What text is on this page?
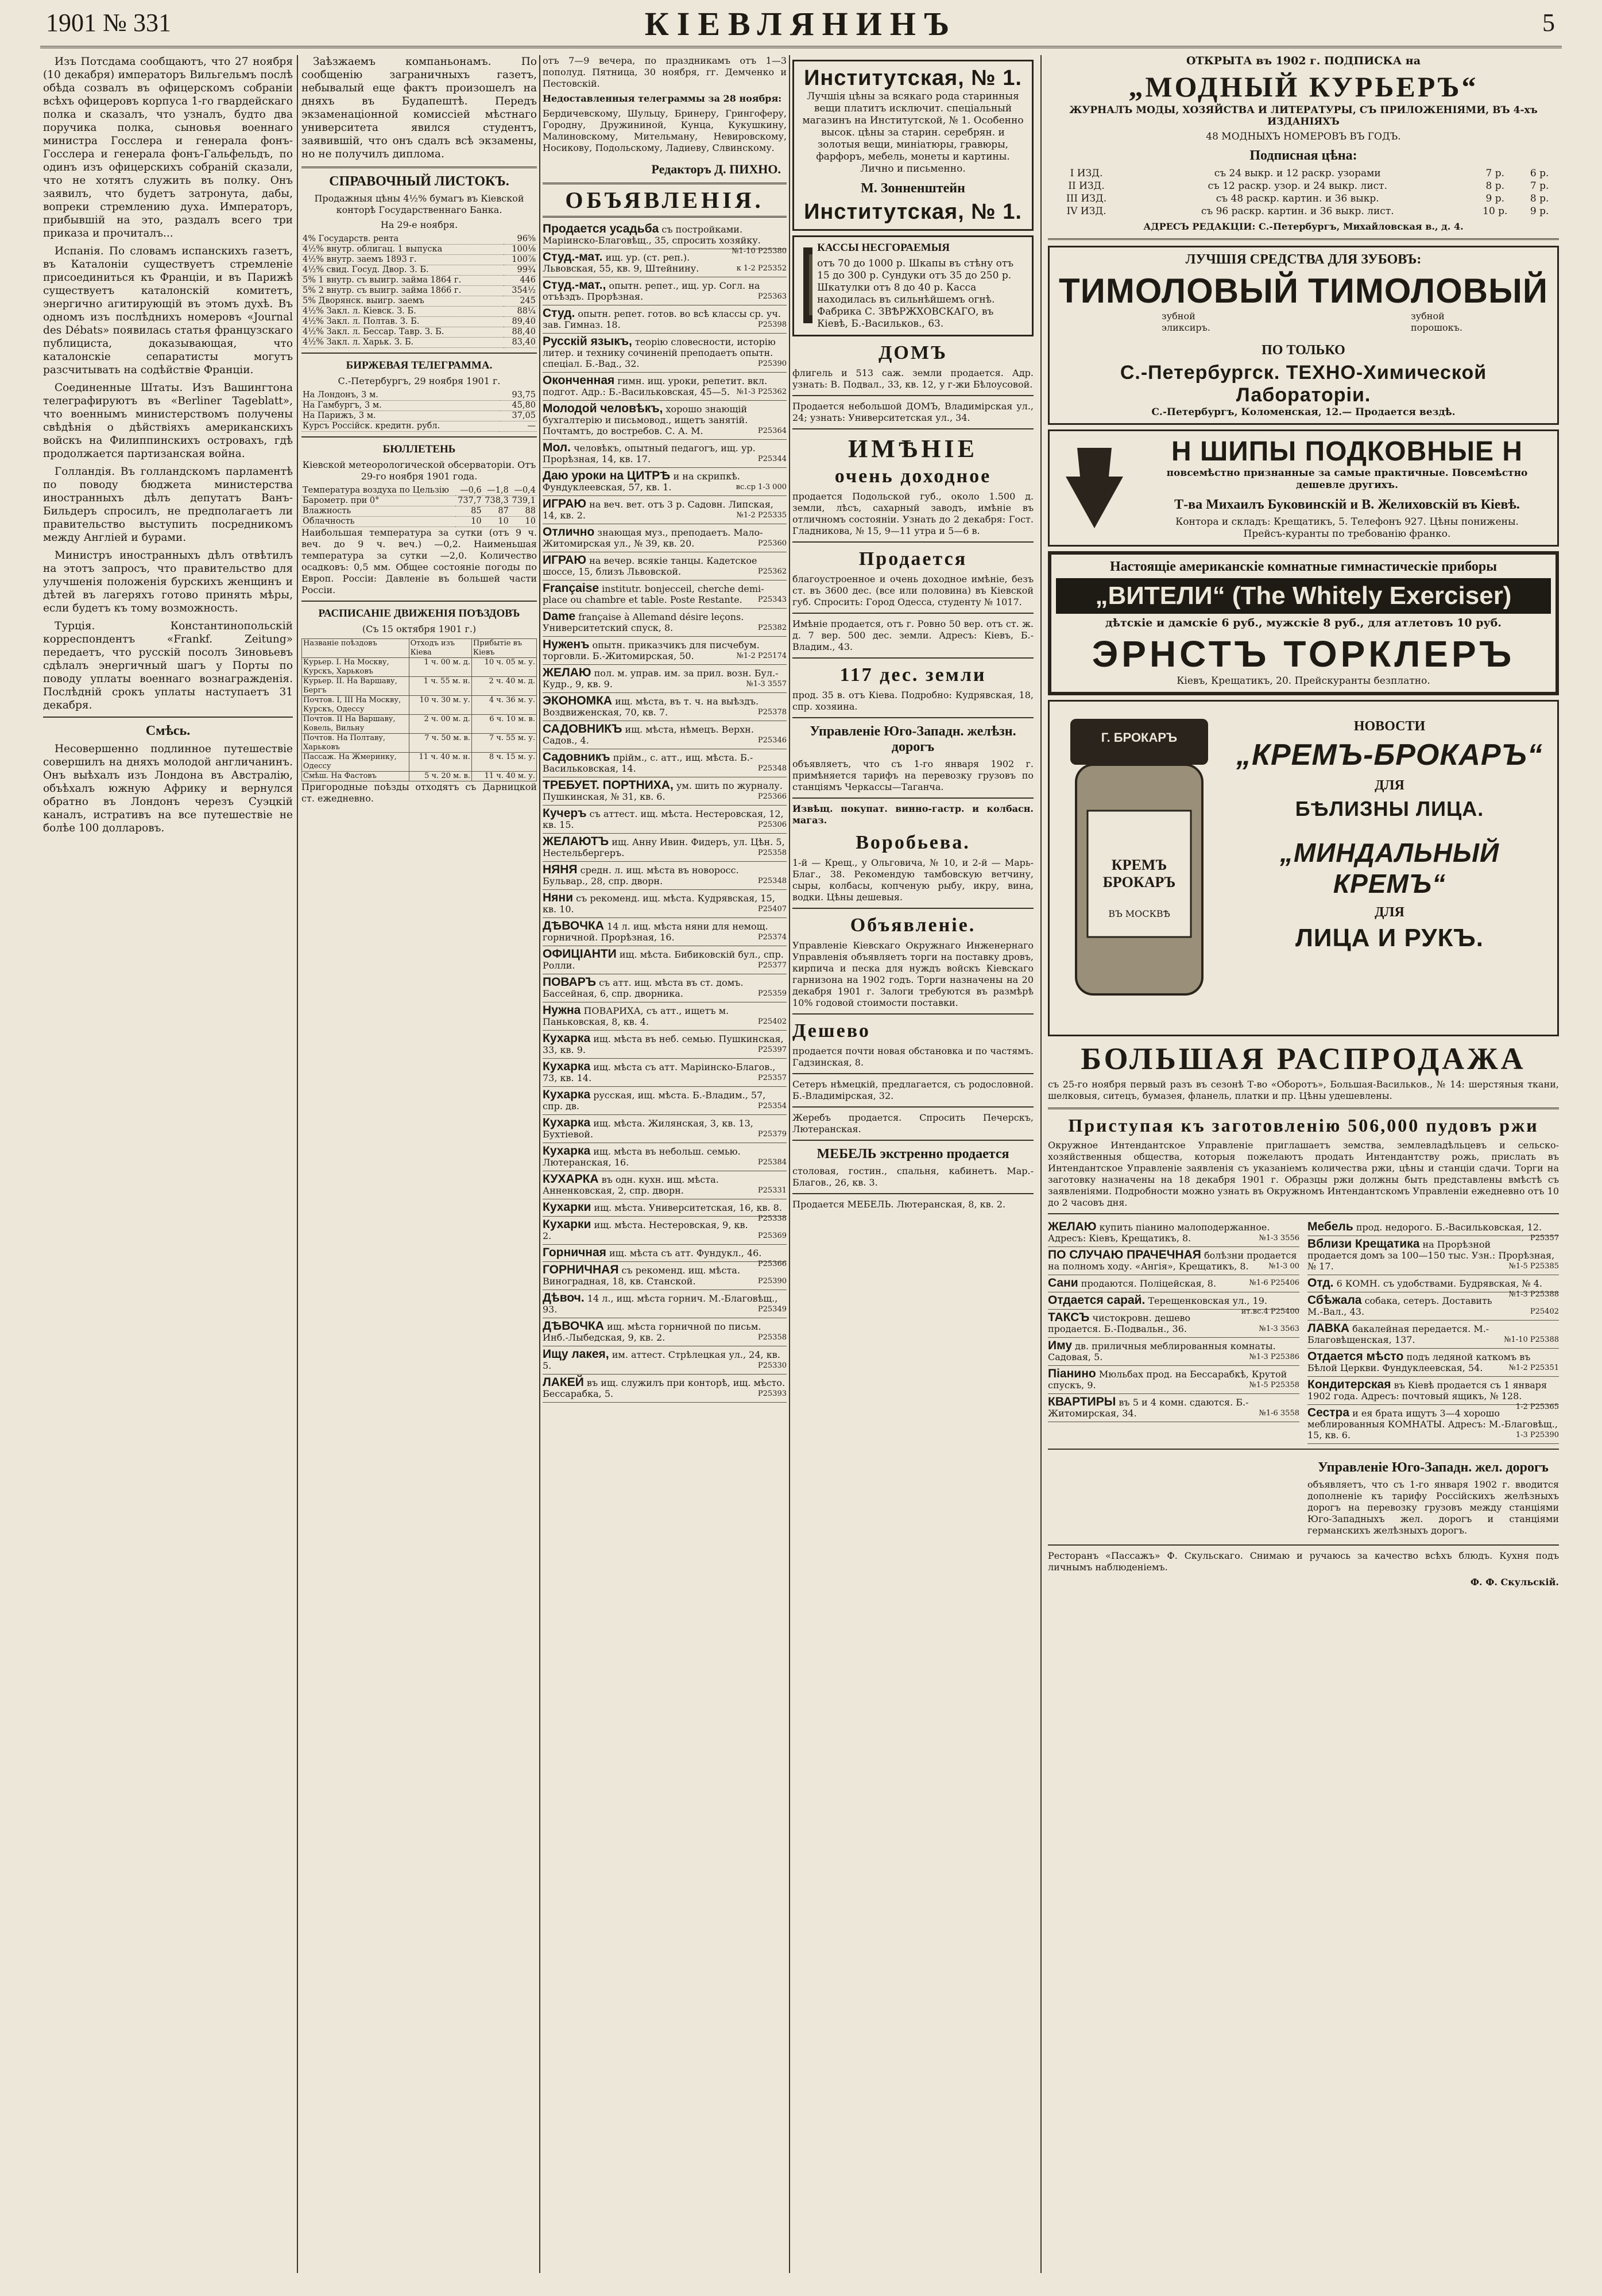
1901 № 331	КІЕВЛЯНИНЪ	5

Изъ Потсдама сообщаютъ, что 27 ноября (10 декабря) императоръ Вильгельмъ послѣ обѣда созвалъ въ офицерскомъ собраніи всѣхъ офицеровъ корпуса 1-го гвардейскаго полка и сказалъ, что узналъ, будто два поручика полка, сыновья военнаго министра Госслера и генерала фонъ-Госслера и генерала фонъ-Гальфельдъ, по одинъ изъ офицерскихъ собраній сказали, что не хотятъ служить въ полку. Онъ заявилъ, что будетъ затронута, дабы, вопреки стремлению духа. Императоръ, прибывшій на это, раздалъ всего три приказа и прочиталъ...

Испанія. По словамъ испанскихъ газетъ, въ Каталоніи существуетъ стремленіе присоединиться къ Франціи, и въ Парижѣ существуетъ каталонскій комитетъ, энергично агитирующій въ этомъ духѣ. Въ одномъ изъ послѣднихъ номеровъ «Journal des Débats» появилась статья французскаго публициста, доказывающая, что каталонскіе сепаратисты могутъ разсчитывать на содѣйствіе Франціи.

Соединенные Штаты. Изъ Вашингтона телеграфируютъ въ «Berliner Tageblatt», что военнымъ министерствомъ получены свѣдѣнія о дѣйствіяхъ американскихъ войскъ на Филиппинскихъ островахъ, гдѣ продолжается партизанская война.

Голландія. Въ голландскомъ парламентѣ по поводу бюджета министерства иностранныхъ дѣлъ депутатъ Ванъ-Бильдеръ спросилъ, не предполагаетъ ли правительство выступить посредникомъ между Англіей и бурами.

Министръ иностранныхъ дѣлъ отвѣтилъ на этотъ запросъ, что правительство для улучшенія положенія бурскихъ женщинъ и дѣтей въ лагеряхъ готово принять мѣры, если будетъ къ тому возможность.

Турція. Константинопольскій корреспондентъ «Frankf. Zeitung» передаетъ, что русскій посолъ Зиновьевъ сдѣлалъ энергичный шагъ у Порты по поводу уплаты военнаго вознагражденія. Послѣдній срокъ уплаты наступаетъ 31 декабря.

Смѣсь.

Несовершенно подлинное путешествіе совершилъ на дняхъ молодой англичанинъ. Онъ выѣхалъ изъ Лондона въ Австралію, объѣхалъ южную Африку и вернулся обратно въ Лондонъ черезъ Суэцкій каналъ, истративъ на все путешествіе не болѣе 100 долларовъ.

Заѣзжаемъ компаньонамъ. По сообщенію заграничныхъ газетъ, небывалый еще фактъ произошелъ на дняхъ въ Будапештѣ. Передъ экзаменаціонной комиссіей мѣстнаго университета явился студентъ, заявившій, что онъ сдалъ всѣ экзамены, но не получилъ диплома.

СПРАВОЧНЫЙ ЛИСТОКЪ.
Продажныя цѣны 4½% бумагъ въ Кіевской конторѣ Государственнаго Банка.
На 29-е ноября.
4% Государств. рента	96⅝
4½% внутр. облигац. 1 выпуска	100⅛
4½% внутр. заемъ 1893 г.	100⅞
4½% свид. Госуд. Двор. З. Б.	99¾
5% 1 внутр. съ выигр. займа 1864 г.	446
5% 2 внутр. съ выигр. займа 1866 г.	354½
5% Дворянск. выигр. заемъ	245
4½% Закл. л. Кіевск. З. Б.	88¼
4½% Закл. л. Полтав. З. Б.	89,40
4½% Закл. л. Бессар. Тавр. З. Б.	88,40
4½% Закл. л. Харьк. З. Б.	83,40
БИРЖЕВАЯ ТЕЛЕГРАММА.
С.-Петербургъ, 29 ноября 1901 г.
На Лондонъ, 3 м.	93,75
На Гамбургъ, 3 м.	45,80
На Парижъ, 3 м.	37,05
Курсъ Россійск. кредитн. рубл.	—
БЮЛЛЕТЕНЬ
Кіевской метеорологической обсерваторіи. Отъ 29-го ноября 1901 года.
Температура воздуха по Цельзію	—0,6	—1,8	—0,4
Барометр. при 0°	737,7	738,3	739,1
Влажность	85	87	88
Облачность	10	10	10

Наибольшая температура за сутки (отъ 9 ч. веч. до 9 ч. веч.) —0,2. Наименьшая температура за сутки —2,0. Количество осадковъ: 0,5 мм. Общее состояніе погоды по Европ. Россіи: Давленіе въ большей части Россіи.

РАСПИСАНІЕ ДВИЖЕНІЯ ПОѢЗДОВЪ
(Съ 15 октября 1901 г.)
Названіе поѣздовъ	Отходъ изъ Кіева	Прибытіе въ Кіевъ
Курьер. I. На Москву, Курскъ, Харьковъ	1 ч. 00 м. д.	10 ч. 05 м. у.
Курьер. II. На Варшаву, Бергъ	1 ч. 55 м. н.	2 ч. 40 м. д.
Почтов. I, III На Москву, Курскъ, Одессу	10 ч. 30 м. у.	4 ч. 36 м. у.
Почтов. II На Варшаву, Ковель, Вильну	2 ч. 00 м. д.	6 ч. 10 м. в.
Почтов. На Полтаву, Харьковъ	7 ч. 50 м. в.	7 ч. 55 м. у.
Пассаж. На Жмеринку, Одессу	11 ч. 40 м. н.	8 ч. 15 м. у.
Смѣш. На Фастовъ	5 ч. 20 м. в.	11 ч. 40 м. у.

Пригородные поѣзды отходятъ съ Дарницкой ст. ежедневно.

отъ 7—9 вечера, по праздникамъ отъ 1—3 пополуд. Пятница, 30 ноября, гг. Демченко и Пестовскій.

Недоставленныя телеграммы за 28 ноября:

Бердичевскому, Шульцу, Бринеру, Грингоферу, Городну, Дружининой, Кунца, Кукушкину, Малиновскому, Мительману, Невировскому, Носикову, Подольскому, Ладиеву, Слвинскому.

Редакторъ Д. ПИХНО.
ОБЪЯВЛЕНІЯ.
Продается усадьба съ постройками. Маріинско-Благовѣщ., 35, спросить хозяйку.
№1-10 Р25380
Студ.-мат. ищ. ур. (ст. реп.). Львовская, 55, кв. 9, Штейнину.	к 1-2 Р25352
Студ.-мат., опытн. репет., ищ. ур. Согл. на отъѣздъ. Прорѣзная.	Р25363
Студ. опытн. репет. готов. во всѣ классы ср. уч. зав. Гимназ. 18.	Р25398
Русскій языкъ, теорію словесности, исторію литер. и технику сочиненій преподаетъ опытн. спеціал. Б.-Вад., 32.	Р25390
Оконченная гимн. ищ. уроки, репетит. вкл. подгот. Адр.: Б.-Васильковская, 45—5. №1-3 Р25362
Молодой человѣкъ, хорошо знающій бухгалтерію и письмовод., ищетъ занятій. Почтамтъ, до востребов. С. А. М.	Р25364
Мол. человѣкъ, опытный педагогъ, ищ. ур. Прорѣзная, 14, кв. 17.	Р25344
Даю уроки на ЦИТРѢ и на скрипкѣ. Фундуклеевская, 57, кв. 1.	вс.ср 1-3 000
ИГРАЮ на веч. вет. отъ 3 р. Садовн. Липская, 14, кв. 2.	№1-2 Р25335
Отлично знающая муз., преподаетъ. Мало-Житомирская ул., № 39, кв. 20.	Р25360
ИГРАЮ на вечер. всякіе танцы. Кадетское шоссе, 15, близъ Львовской.	Р25362
Française institutr. bonjecceil, cherche demi-place ou chambre et table. Poste Restante. Р25343
Dame française à Allemand désire leçons. Университетский спуск, 8.	Р25382
Нуженъ опытн. приказчикъ для писчебум. торговли. Б.-Житомирская, 50.	№1-2 Р25174
ЖЕЛАЮ пол. м. управ. им. за прил. возн. Бул.-Кудр., 9, кв. 9.	№1-3 3557
ЭКОНОМКА ищ. мѣста, въ т. ч. на выѣздъ. Воздвиженская, 70, кв. 7.	Р25378
САДОВНИКЪ ищ. мѣста, нѣмецъ. Верхн. Садов., 4.	Р25346
Садовникъ прійм., с. атт., ищ. мѣста. Б.-Васильковская, 14.	Р25348
ТРЕБУЕТ. ПОРТНИХА, ум. шить по журналу. Пушкинская, № 31, кв. 6.	Р25366
Кучеръ съ аттест. ищ. мѣста. Нестеровская, 12, кв. 15.	Р25306
ЖЕЛАЮТЪ ищ. Анну Ивин. Фидеръ, ул. Цѣн. 5, Нестельбергеръ.	Р25358
НЯНЯ средн. л. ищ. мѣста въ новоросс. Бульвар., 28, спр. дворн.	Р25348
Няни съ рекоменд. ищ. мѣста. Кудрявская, 15, кв. 10.	Р25407
ДѢВОЧКА 14 л. ищ. мѣста няни для немощ. горничной. Прорѣзная, 16.	Р25374
ОФИЦІАНТИ ищ. мѣста. Бибиковскій бул., спр. Ролли.	Р25377
ПОВАРЪ съ атт. ищ. мѣста въ ст. домъ. Бассейная, 6, спр. дворника.	Р25359
Нужна ПОВАРИХА, съ атт., ищетъ м. Паньковская, 8, кв. 4.	Р25402
Кухарка ищ. мѣста въ неб. семью. Пушкинская, 33, кв. 9.	Р25397
Кухарка ищ. мѣста съ атт. Маріинско-Благов., 73, кв. 14.	Р25357
Кухарка русская, ищ. мѣста. Б.-Владим., 57, спр. дв.	Р25354
Кухарка ищ. мѣста. Жилянская, 3, кв. 13, Бухтіевой.	Р25379
Кухарка ищ. мѣста въ небольш. семью. Лютеранская, 16.	Р25384
КУХАРКА въ одн. кухн. ищ. мѣста. Анненковская, 2, спр. дворн.	Р25331
Кухарки ищ. мѣста. Университетская, 16, кв. 8.
Р25338
Кухарки ищ. мѣста. Нестеровская, 9, кв. 2.	Р25369
Горничная ищ. мѣста съ атт. Фундукл., 46.
Р25366
ГОРНИЧНАЯ съ рекоменд. ищ. мѣста. Виноградная, 18, кв. Станской.	Р25390
Дѣвоч. 14 л., ищ. мѣста горнич. М.-Благовѣщ., 93.	Р25349
ДѢВОЧКА ищ. мѣста горничной по письм. Инб.-Лыбедская, 9, кв. 2.	Р25358
Ищу лакея, им. аттест. Стрѣлецкая ул., 24, кв. 5.	Р25330
ЛАКЕЙ въ ищ. служилъ при конторѣ, ищ. мѣсто. Бессарабка, 5.	Р25393
Институтская, № 1.
Лучшія цѣны за всякаго рода старинныя вещи платитъ исключит. спеціальный магазинъ на Институтской, № 1. Особенно высок. цѣны за старин. серебрян. и золотыя вещи, миніатюры, гравюры, фарфоръ, мебель, монеты и картины. Лично и письменно.
М. Зонненштейн
Институтская, № 1.
КАССЫ НЕСГОРАЕМЫЯ
отъ 70 до 1000 р. Шкапы въ стѣну отъ 15 до 300 р. Сундуки отъ 35 до 250 р. Шкатулки отъ 8 до 40 р. Касса находилась въ сильнѣйшемъ огнѣ. Фабрика С. ЗВѢРЖХОВСКАГО, въ Кіевѣ, Б.-Васильков., 63.
ДОМЪ

флигель и 513 саж. земли продается. Адр. узнать: В. Подвал., 33, кв. 12, у г-жи Бѣлоусовой.

Продается небольшой ДОМЪ, Владимірская ул., 24; узнать: Университетская ул., 34.

ИМѢНІЕ
очень доходное

продается Подольской губ., около 1.500 д. земли, лѣсъ, сахарный заводъ, имѣніе въ отличномъ состояніи. Узнать до 2 декабря: Гост. Гладникова, № 15, 9—11 утра и 5—6 в.

Продается

благоустроенное и очень доходное имѣніе, безъ ст. въ 3600 дес. (все или половина) въ Кіевской губ. Спросить: Город Одесса, студенту № 1017.

Имѣніе продается, отъ г. Ровно 50 вер. отъ ст. ж. д. 7 вер. 500 дес. земли. Адресъ: Кіевъ, Б.-Владим., 43.

117 дес. земли

прод. 35 в. отъ Кіева. Подробно: Кудрявская, 18, спр. хозяина.

Управленіе Юго-Западн. желѣзн. дорогъ

объявляетъ, что съ 1-го января 1902 г. примѣняется тарифъ на перевозку грузовъ по станціямъ Черкассы—Таганча.

Извѣщ. покупат. винно-гастр. и колбасн. магаз.
Воробьева.

1-й — Крещ., у Ольговича, № 10, и 2-й — Марь-Благ., 38. Рекомендую тамбовскую ветчину, сыры, колбасы, копченую рыбу, икру, вина, водки. Цѣны дешевыя.

Объявленіе.

Управленіе Кіевскаго Окружнаго Инженернаго Управленія объявляетъ торги на поставку дровъ, кирпича и песка для нуждъ войскъ Кіевскаго гарнизона на 1902 годъ. Торги назначены на 20 декабря 1901 г. Залоги требуются въ размѣрѣ 10% годовой стоимости поставки.

Дешево

продается почти новая обстановка и по частямъ. Гадзинская, 8.

Сетеръ нѣмецкій, предлагается, съ родословной. Б.-Владимірская, 32.

Жеребъ продается. Спросить Печерскъ, Лютеранская.

МЕБЕЛЬ экстренно продается

столовая, гостин., спальня, кабинетъ. Мар.-Благов., 26, кв. 3.

Продается МЕБЕЛЬ. Лютеранская, 8, кв. 2.

ОТКРЫТА въ 1902 г. ПОДПИСКА на
„МОДНЫЙ КУРЬЕРЪ“
ЖУРНАЛЪ МОДЫ, ХОЗЯЙСТВА И ЛИТЕРАТУРЫ, СЪ ПРИЛОЖЕНІЯМИ, ВЪ 4-хъ ИЗДАНІЯХЪ
48 МОДНЫХЪ НОМЕРОВЪ ВЪ ГОДЪ.
Подписная цѣна:
I ИЗД.	съ 24 выкр. и 12 раскр. узорами	7 р.	6 р.
II ИЗД.	съ 12 раскр. узор. и 24 выкр. лист.	8 р.	7 р.
III ИЗД.	съ 48 раскр. картин. и 36 выкр.	9 р.	8 р.
IV ИЗД.	съ 96 раскр. картин. и 36 выкр. лист.	10 р.	9 р.
АДРЕСЪ РЕДАКЦІИ: С.-Петербургъ, Михайловская в., д. 4.
ЛУЧШІЯ СРЕДСТВА ДЛЯ ЗУБОВЪ:
ТИМОЛОВЫЙ зубной эликсиръ.
ТИМОЛОВЫЙ зубной порошокъ.
ПО ТОЛЬКО
С.-Петербургск. ТЕХНО-Химической Лабораторіи.
С.-Петербургъ, Коломенская, 12.— Продается вездѣ.
Н ШИПЫ ПОДКОВНЫЕ Н
повсемѣстно признанные за самые практичные. Повсемѣстно дешевле другихъ.
Т-ва Михаилъ Буковинскій и В. Желиховскій въ Кіевѣ.
Контора и складъ: Крещатикъ, 5. Телефонъ 927. Цѣны понижены.
Прейсъ-куранты по требованію франко.
Настоящіе американскіе комнатные гимнастическіе приборы
„ВИТЕЛИ“ (The Whitely Exerciser)
дѣтскіе и дамскіе 6 руб., мужскіе 8 руб., для атлетовъ 10 руб.
ЭРНСТЪ ТОРКЛЕРЪ
Кіевъ, Крещатикъ, 20. Прейскуранты безплатно.
Г. БРОКАРЪ
КРЕМЪ БРОКАРЪ
ВЪ МОСКВѢ
НОВОСТИ
„КРЕМЪ-БРОКАРЪ“
ДЛЯ
БѢЛИЗНЫ ЛИЦА.
„МИНДАЛЬНЫЙ КРЕМЪ“
ДЛЯ
ЛИЦА И РУКЪ.
БОЛЬШАЯ РАСПРОДАЖА

съ 25-го ноября первый разъ въ сезонѣ Т-во «Оборотъ», Большая-Васильков., № 14: шерстяныя ткани, шелковыя, ситецъ, бумазея, фланель, платки и пр. Цѣны удешевлены.

Приступая къ заготовленію 506,000 пудовъ ржи

Окружное Интендантское Управленіе приглашаетъ земства, землевладѣльцевъ и сельско-хозяйственныя общества, которыя пожелаютъ продать Интендантству рожь, прислать въ Интендантское Управленіе заявленія съ указаніемъ количества ржи, цѣны и станціи сдачи. Торги на заготовку назначены на 18 декабря 1901 г. Образцы ржи должны быть представлены вмѣстѣ съ заявленіями. Подробности можно узнать въ Окружномъ Интендантскомъ Управленіи ежедневно отъ 10 до 2 часовъ дня.

ЖЕЛАЮ купить піанино малоподержанное. Адресъ: Кіевъ, Крещатикъ, 8.	№1-3 3556
ПО СЛУЧАЮ ПРАЧЕЧНАЯ болѣзни продается на полномъ ходу. «Ангія», Крещатикъ, 8.	№1-3 00
Сани продаются. Поліцейская, 8.	№1-6 Р25406
Отдается сарай. Терещенковская ул., 19.
ит.вс.4 Р25400
ТАКСЪ чистокровн. дешево продается. Б.-Подвальн., 36.	№1-3 3563
Иму дв. приличныя меблированныя комнаты. Садовая, 5.	№1-3 Р25386
Піанино Мюльбах прод. на Бессарабкѣ, Крутой спускъ, 9.	№1-5 Р25358
КВАРТИРЫ въ 5 и 4 комн. сдаются. Б.-Житомирская, 34.	№1-6 3558
Мебель прод. недорого. Б.-Васильковская, 12.
Р25357
Вблизи Крещатика на Прорѣзной продается домъ за 100—150 тыс. Узн.: Прорѣзная, № 17.	№1-5 Р25385
Отд. 6 КОМН. съ удобствами. Будрявская, № 4.
№1-3 Р25388
Сбѣжала собака, сетеръ. Доставить М.-Вал., 43.	Р25402
ЛАВКА бакалейная передается. М.-Благовѣщенская, 137.	№1-10 Р25388
Отдается мѣсто подъ ледяной каткомъ въ Бѣлой Церкви. Фундуклеевская, 54.	№1-2 Р25351
Кондитерская въ Кіевѣ продается съ 1 января 1902 года. Адресъ: почтовый ящикъ, № 128.
1-2 Р25365
Сестра и ея брата ищутъ 3—4 хорошо меблированныя КОМНАТЫ. Адресъ: М.-Благовѣщ., 15, кв. 6.	1-3 Р25390
Управленіе Юго-Западн. жел. дорогъ

объявляетъ, что съ 1-го января 1902 г. вводится дополненіе къ тарифу Россійскихъ желѣзныхъ дорогъ на перевозку грузовъ между станціями Юго-Западныхъ жел. дорогъ и станціями германскихъ желѣзныхъ дорогъ.

Ресторанъ «Пассажъ» Ф. Скульскаго. Снимаю и ручаюсь за качество всѣхъ блюдъ. Кухня подъ личнымъ наблюденіемъ.

Ф. Ф. Скульскій.
